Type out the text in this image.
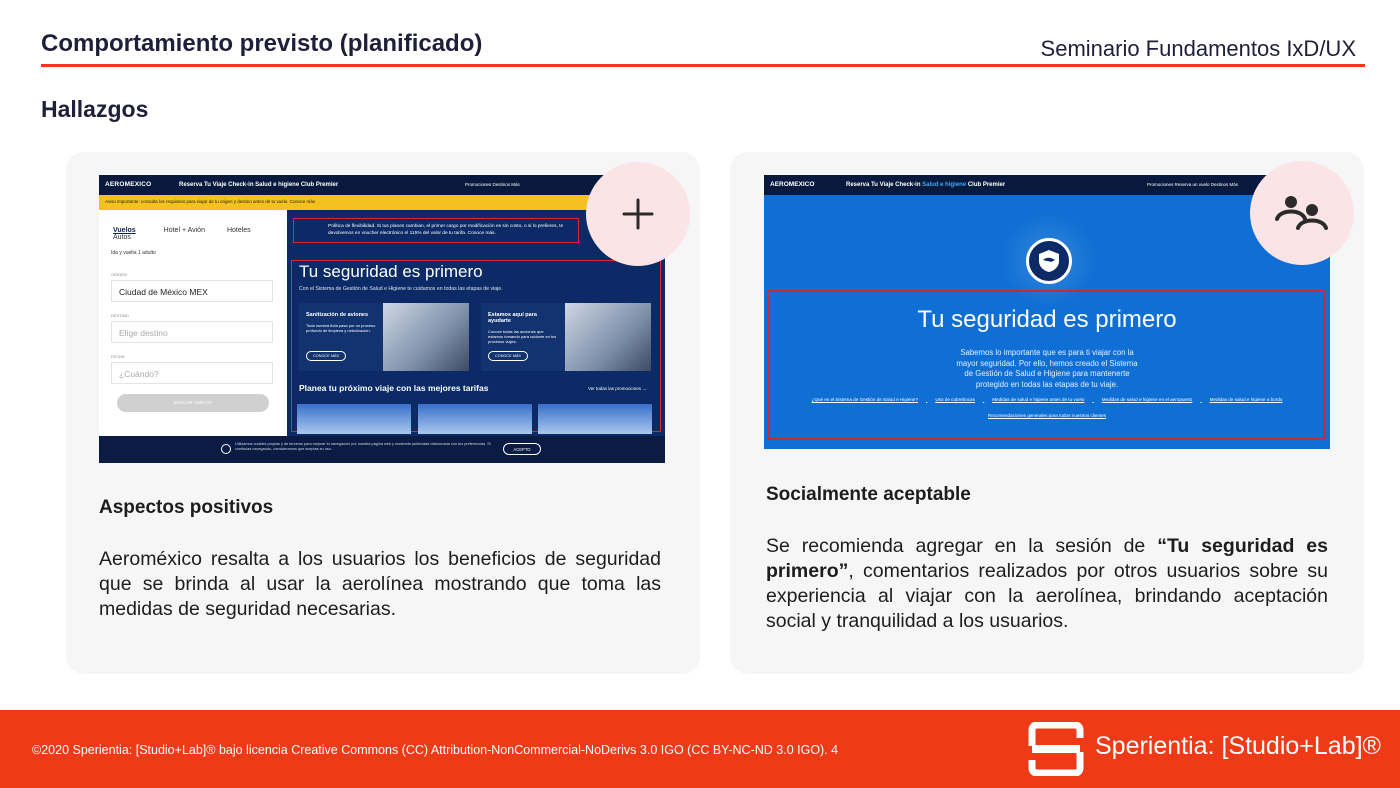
Comportamiento previsto (planificado)	Seminario Fundamentos IxD/UX
Hallazgos
AEROMEXICO	Reserva Tu Viaje Check-in Salud e higiene Club Premier	Promociones Destinos Más
Aviso importante: consulta los requisitos para viajar de tu origen y destino antes de tu vuelo. Conoce más
Vuelos	Hotel + Avión	Hoteles Autos
Ida y vuelta 1 adulto
ORIGEN
Ciudad de México MEX
DESTINO
Elige destino
FECHA
¿Cuándo?
BUSCAR VUELOS
Política de flexibilidad. Si tus planes cambian, el primer cargo por modificación es sin costo, o si lo prefieres, te devolvemos en voucher electrónico el 115% del valor de tu tarifa. Conoce más.
Tu seguridad es primero
Con el Sistema de Gestión de Salud e Higiene te cuidamos en todas las etapas de viaje.
Sanitización de aviones
Toda nuestra flota pasa por un proceso profundo de limpieza y nebulización.
CONOCE MÁS
Estamos aquí para ayudarte
Conoce todas las acciones que estamos tomando para cuidarte en tus próximos viajes.
CONOCE MÁS
Planea tu próximo viaje con las mejores tarifas	Ver todas las promociones →
Utilizamos cookies propias y de terceros para mejorar tu navegación por nuestra página web y mostrarte publicidad relacionada con tus preferencias. Si continúas navegando, consideramos que aceptas su uso.	ACEPTO
Aspectos positivos
Aeroméxico resalta a los usuarios los beneficios de seguridad que se brinda al usar la aerolínea mostrando que toma las medidas de seguridad necesarias.
AEROMEXICO	Reserva Tu Viaje Check-in Salud e higiene Club Premier	Promociones Reserva un vuelo Destinos Más
Tu seguridad es primero
Sabemos lo importante que es para ti viajar con la mayor seguridad. Por ello, hemos creado el Sistema de Gestión de Salud e Higiene para mantenerte protegido en todas las etapas de tu viaje.
¿Qué es el Sistema de Gestión de Salud e Higiene?	Uso de cubrebocas	Medidas de salud e higiene antes de tu vuelo	Medidas de salud e higiene en el aeropuerto	Medidas de salud e higiene a bordo
Recomendaciones generales para todos nuestros clientes
Socialmente aceptable
Se recomienda agregar en la sesión de “Tu seguridad es primero”, comentarios realizados por otros usuarios sobre su experiencia al viajar con la aerolínea, brindando aceptación social y tranquilidad a los usuarios.
©2020 Sperientia: [Studio+Lab]® bajo licencia Creative Commons (CC) Attribution-NonCommercial-NoDerivs 3.0 IGO (CC BY-NC-ND 3.0 IGO). 4	Sperientia: [Studio+Lab]®
